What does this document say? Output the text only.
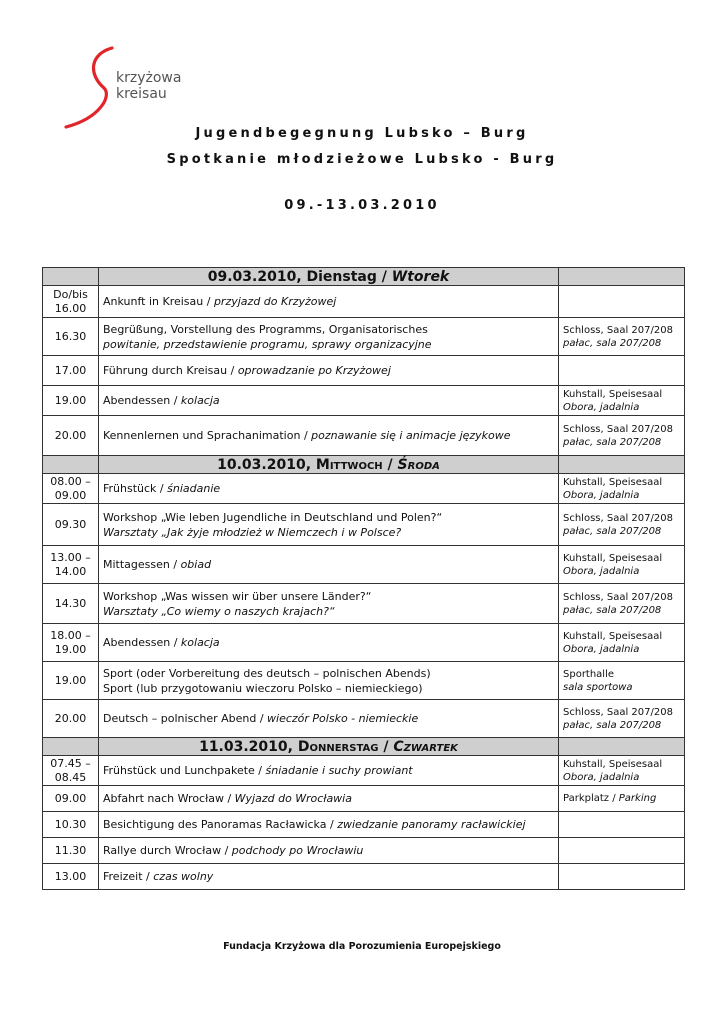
krzyżowa
kreisau
Jugendbegegnung Lubsko – Burg
Spotkanie młodzieżowe Lubsko - Burg
09.-13.03.2010
	09.03.2010, Dienstag / Wtorek	
Do/bis
16.00	Ankunft in Kreisau / przyjazd do Krzyżowej	
16.30	Begrüßung, Vorstellung des Programms, Organisatorisches
powitanie, przedstawienie programu, sprawy organizacyjne	Schloss, Saal 207/208
pałac, sala 207/208
17.00	Führung durch Kreisau / oprowadzanie po Krzyżowej	
19.00	Abendessen / kolacja	Kuhstall, Speisesaal
Obora, jadalnia
20.00	Kennenlernen und Sprachanimation / poznawanie się i animacje językowe	Schloss, Saal 207/208
pałac, sala 207/208
	10.03.2010, Mittwoch / Środa	
08.00 –
09.00	Frühstück / śniadanie	Kuhstall, Speisesaal
Obora, jadalnia
09.30	Workshop „Wie leben Jugendliche in Deutschland und Polen?“
Warsztaty „Jak żyje młodzież w Niemczech i w Polsce?	Schloss, Saal 207/208
pałac, sala 207/208
13.00 –
14.00	Mittagessen / obiad	Kuhstall, Speisesaal
Obora, jadalnia
14.30	Workshop „Was wissen wir über unsere Länder?“
Warsztaty „Co wiemy o naszych krajach?“	Schloss, Saal 207/208
pałac, sala 207/208
18.00 –
19.00	Abendessen / kolacja	Kuhstall, Speisesaal
Obora, jadalnia
19.00	Sport (oder Vorbereitung des deutsch – polnischen Abends)
Sport (lub przygotowaniu wieczoru Polsko – niemieckiego)	Sporthalle
sala sportowa
20.00	Deutsch – polnischer Abend / wieczór Polsko - niemieckie	Schloss, Saal 207/208
pałac, sala 207/208
	11.03.2010, Donnerstag / Czwartek	
07.45 –
08.45	Frühstück und Lunchpakete / śniadanie i suchy prowiant	Kuhstall, Speisesaal
Obora, jadalnia
09.00	Abfahrt nach Wrocław / Wyjazd do Wrocławia	Parkplatz / Parking
10.30	Besichtigung des Panoramas Racławicka / zwiedzanie panoramy racławickiej	
11.30	Rallye durch Wrocław / podchody po Wrocławiu	
13.00	Freizeit / czas wolny	
Fundacja Krzyżowa dla Porozumienia Europejskiego
